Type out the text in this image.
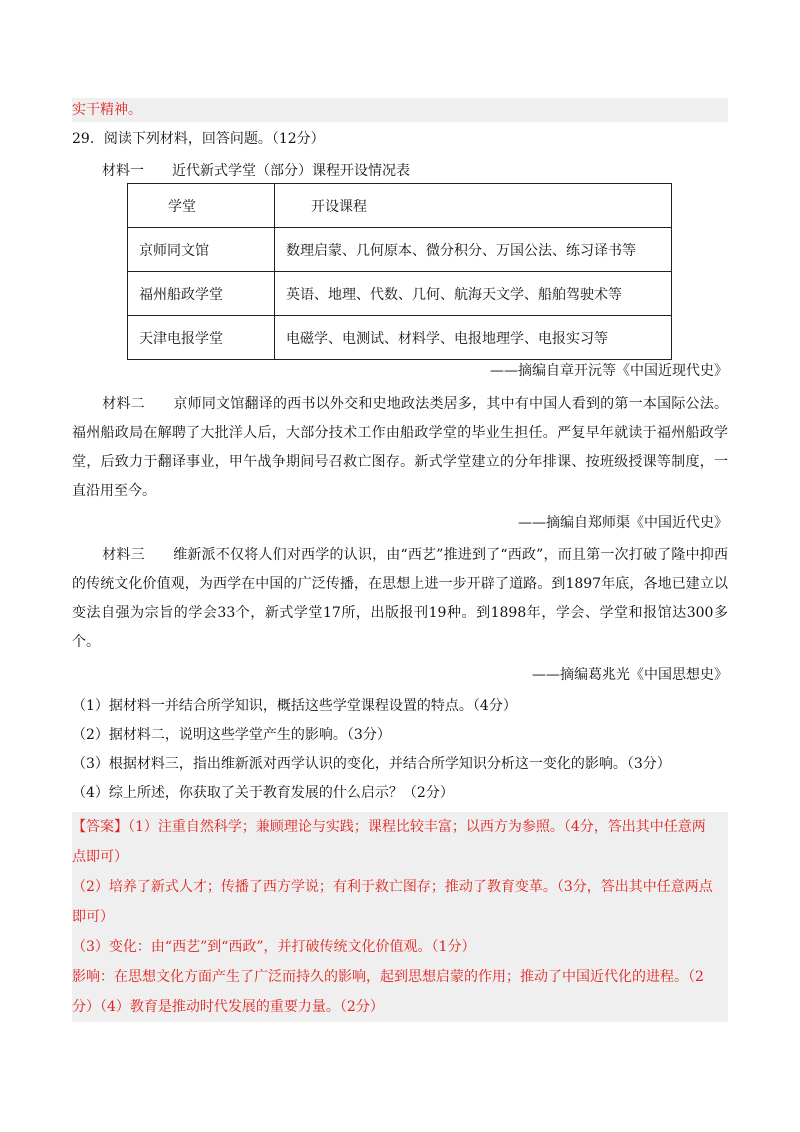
实干精神。
29．阅读下列材料，回答问题。（12分）
材料一　　近代新式学堂（部分）课程开设情况表
学堂	开设课程
京师同文馆	数理启蒙、几何原本、微分积分、万国公法、练习译书等
福州船政学堂	英语、地理、代数、几何、航海天文学、船舶驾驶术等
天津电报学堂	电磁学、电测试、材料学、电报地理学、电报实习等
——摘编自章开沅等《中国近现代史》
材料二　　京师同文馆翻译的西书以外交和史地政法类居多，其中有中国人看到的第一本国际公法。福州船政局在解聘了大批洋人后，大部分技术工作由船政学堂的毕业生担任。严复早年就读于福州船政学堂，后致力于翻译事业，甲午战争期间号召救亡图存。新式学堂建立的分年排课、按班级授课等制度，一直沿用至今。
——摘编自郑师渠《中国近代史》
材料三　　维新派不仅将人们对西学的认识，由“西艺”推进到了“西政”，而且第一次打破了隆中抑西的传统文化价值观，为西学在中国的广泛传播，在思想上进一步开辟了道路。到1897年底，各地已建立以变法自强为宗旨的学会33个，新式学堂17所，出版报刊19种。到1898年，学会、学堂和报馆达300多个。
——摘编葛兆光《中国思想史》
（1）据材料一并结合所学知识，概括这些学堂课程设置的特点。（4分）
（2）据材料二，说明这些学堂产生的影响。（3分）
（3）根据材料三，指出维新派对西学认识的变化，并结合所学知识分析这一变化的影响。（3分）
（4）综上所述，你获取了关于教育发展的什么启示？（2分）
【答案】（1）注重自然科学；兼顾理论与实践；课程比较丰富；以西方为参照。（4分，答出其中任意两
点即可）
（2）培养了新式人才；传播了西方学说；有利于救亡图存；推动了教育变革。（3分，答出其中任意两点
即可）
（3）变化：由“西艺”到“西政”，并打破传统文化价值观。（1分）
影响：在思想文化方面产生了广泛而持久的影响，起到思想启蒙的作用；推动了中国近代化的进程。（2
分）（4）教育是推动时代发展的重要力量。（2分）
